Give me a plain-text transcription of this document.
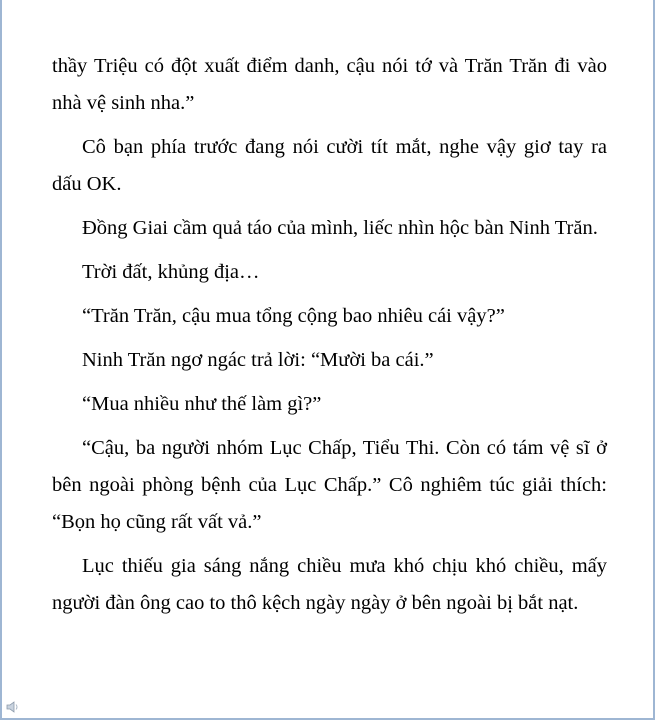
thầy Triệu có đột xuất điểm danh, cậu nói tớ và Trăn Trăn đi vào nhà vệ sinh nha.”

Cô bạn phía trước đang nói cười tít mắt, nghe vậy giơ tay ra dấu OK.

Đồng Giai cầm quả táo của mình, liếc nhìn hộc bàn Ninh Trăn.

Trời đất, khủng địa…

“Trăn Trăn, cậu mua tổng cộng bao nhiêu cái vậy?”

Ninh Trăn ngơ ngác trả lời: “Mười ba cái.”

“Mua nhiều như thế làm gì?”

“Cậu, ba người nhóm Lục Chấp, Tiểu Thi. Còn có tám vệ sĩ ở bên ngoài phòng bệnh của Lục Chấp.” Cô nghiêm túc giải thích: “Bọn họ cũng rất vất vả.”

Lục thiếu gia sáng nắng chiều mưa khó chịu khó chiều, mấy người đàn ông cao to thô kệch ngày ngày ở bên ngoài bị bắt nạt.
